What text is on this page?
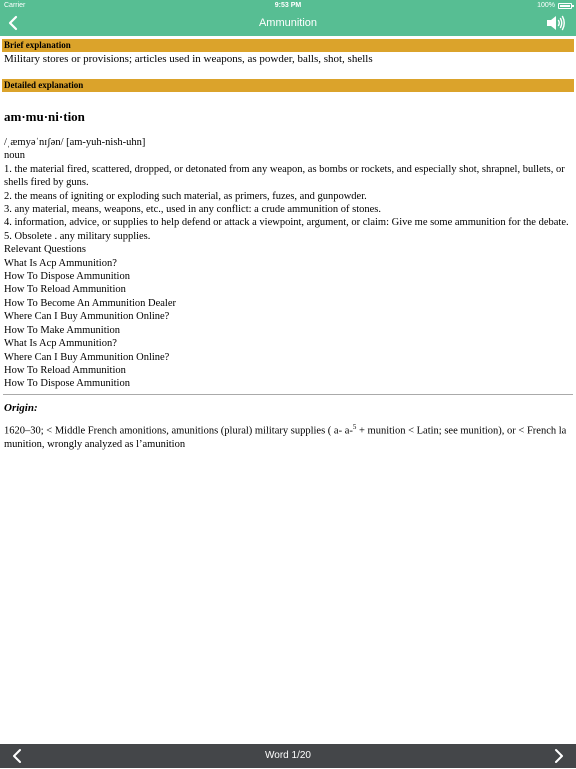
Carrier	9:53 PM	100%
Ammunition
Brief explanation
Military stores or provisions; articles used in weapons, as powder, balls, shot, shells
Detailed explanation
am·mu·ni·tion
/ˌæmyəˈnɪʃən/ [am-yuh-nish-uhn]
noun
1. the material fired, scattered, dropped, or detonated from any weapon, as bombs or rockets, and especially shot, shrapnel, bullets, or shells fired by guns.
2. the means of igniting or exploding such material, as primers, fuzes, and gunpowder.
3. any material, means, weapons, etc., used in any conflict: a crude ammunition of stones.
4. information, advice, or supplies to help defend or attack a viewpoint, argument, or claim: Give me some ammunition for the debate.
5. Obsolete . any military supplies.
Relevant Questions
What Is Acp Ammunition?
How To Dispose Ammunition
How To Reload Ammunition
How To Become An Ammunition Dealer
Where Can I Buy Ammunition Online?
How To Make Ammunition
What Is Acp Ammunition?
Where Can I Buy Ammunition Online?
How To Reload Ammunition
How To Dispose Ammunition
Origin:
1620–30; < Middle French amonitions, amunitions (plural) military supplies ( a- a-$^5$ + munition < Latin; see munition), or < French la munition, wrongly analyzed as l’amunition
Word 1/20
